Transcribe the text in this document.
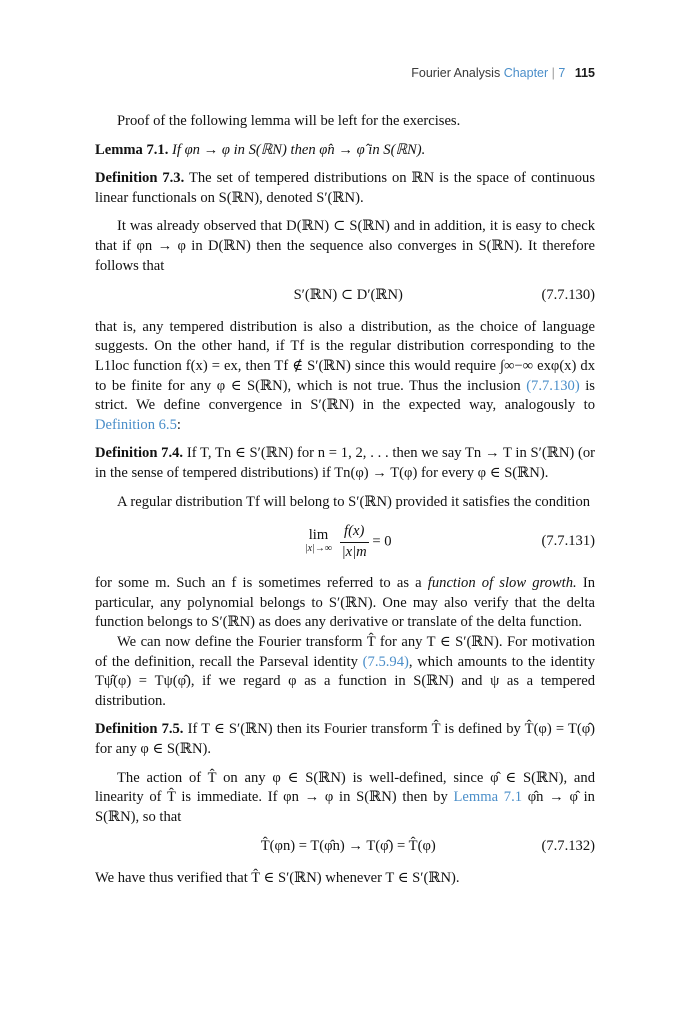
Fourier Analysis Chapter | 7 115

Proof of the following lemma will be left for the exercises.

Lemma 7.1. If φn → φ in S(ℝN) then φ̂n → φ̂ in S(ℝN).

Definition 7.3. The set of tempered distributions on ℝN is the space of continuous linear functionals on S(ℝN), denoted S′(ℝN).

It was already observed that D(ℝN) ⊂ S(ℝN) and in addition, it is easy to check that if φn → φ in D(ℝN) then the sequence also converges in S(ℝN). It therefore follows that

S′(ℝN) ⊂ D′(ℝN)	(7.7.130)

that is, any tempered distribution is also a distribution, as the choice of language suggests. On the other hand, if Tf is the regular distribution corresponding to the L1loc function f(x) = ex, then Tf ∉ S′(ℝN) since this would require ∫∞−∞ exφ(x) dx to be finite for any φ ∈ S(ℝN), which is not true. Thus the inclusion (7.7.130) is strict. We define convergence in S′(ℝN) in the expected way, analogously to Definition 6.5:

Definition 7.4. If T, Tn ∈ S′(ℝN) for n = 1, 2, . . . then we say Tn → T in S′(ℝN) (or in the sense of tempered distributions) if Tn(φ) → T(φ) for every φ ∈ S(ℝN).

A regular distribution Tf will belong to S′(ℝN) provided it satisfies the condition

lim
|x|→∞
$\frac{f(x)}{|x|m} = 0$	(7.7.131)

for some m. Such an f is sometimes referred to as a function of slow growth. In particular, any polynomial belongs to S′(ℝN). One may also verify that the delta function belongs to S′(ℝN) as does any derivative or translate of the delta function.

We can now define the Fourier transform T̂ for any T ∈ S′(ℝN). For motivation of the definition, recall the Parseval identity (7.5.94), which amounts to the identity Tψ̂(φ) = Tψ(φ̂), if we regard φ as a function in S(ℝN) and ψ as a tempered distribution.

Definition 7.5. If T ∈ S′(ℝN) then its Fourier transform T̂ is defined by T̂(φ) = T(φ̂) for any φ ∈ S(ℝN).

The action of T̂ on any φ ∈ S(ℝN) is well-defined, since φ̂ ∈ S(ℝN), and linearity of T̂ is immediate. If φn → φ in S(ℝN) then by Lemma 7.1 φ̂n → φ̂ in S(ℝN), so that

T̂(φn) = T(φ̂n) → T(φ̂) = T̂(φ)	(7.7.132)

We have thus verified that T̂ ∈ S′(ℝN) whenever T ∈ S′(ℝN).
